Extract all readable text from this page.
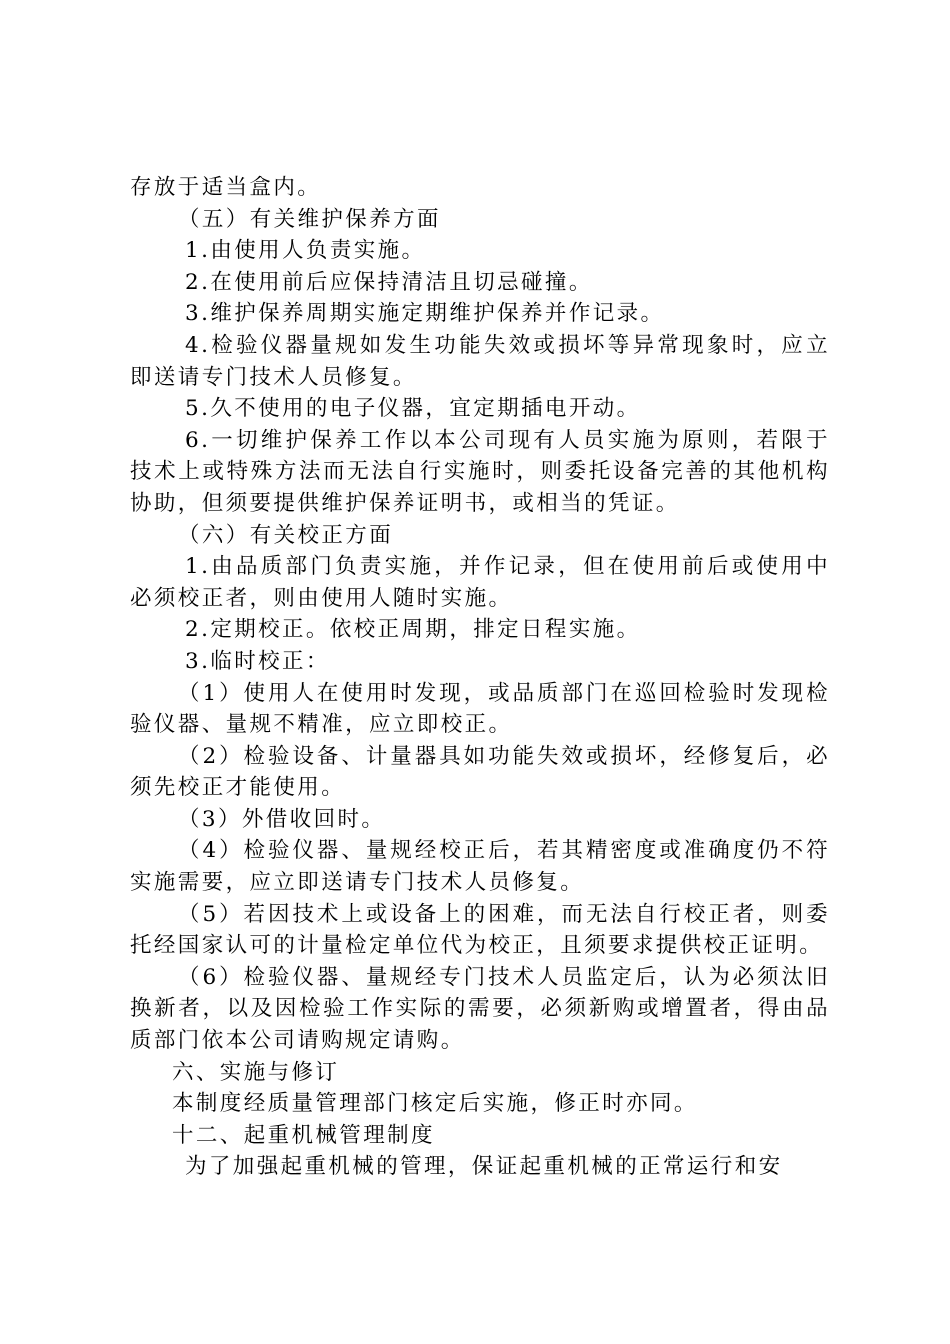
存放于适当盒内。

（五）有关维护保养方面

1.由使用人负责实施。

2.在使用前后应保持清洁且切忌碰撞。

3.维护保养周期实施定期维护保养并作记录。

4.检验仪器量规如发生功能失效或损坏等异常现象时，应立即送请专门技术人员修复。

5.久不使用的电子仪器，宜定期插电开动。

6.一切维护保养工作以本公司现有人员实施为原则，若限于技术上或特殊方法而无法自行实施时，则委托设备完善的其他机构协助，但须要提供维护保养证明书，或相当的凭证。

（六）有关校正方面

1.由品质部门负责实施，并作记录，但在使用前后或使用中必须校正者，则由使用人随时实施。

2.定期校正。依校正周期，排定日程实施。

3.临时校正：

（1）使用人在使用时发现，或品质部门在巡回检验时发现检验仪器、量规不精准，应立即校正。

（2）检验设备、计量器具如功能失效或损坏，经修复后，必须先校正才能使用。

（3）外借收回时。

（4）检验仪器、量规经校正后，若其精密度或准确度仍不符实施需要，应立即送请专门技术人员修复。

（5）若因技术上或设备上的困难，而无法自行校正者，则委托经国家认可的计量检定单位代为校正，且须要求提供校正证明。

（6）检验仪器、量规经专门技术人员监定后，认为必须汰旧换新者，以及因检验工作实际的需要，必须新购或增置者，得由品质部门依本公司请购规定请购。

六、实施与修订

本制度经质量管理部门核定后实施，修正时亦同。

十二、起重机械管理制度

为了加强起重机械的管理，保证起重机械的正常运行和安
